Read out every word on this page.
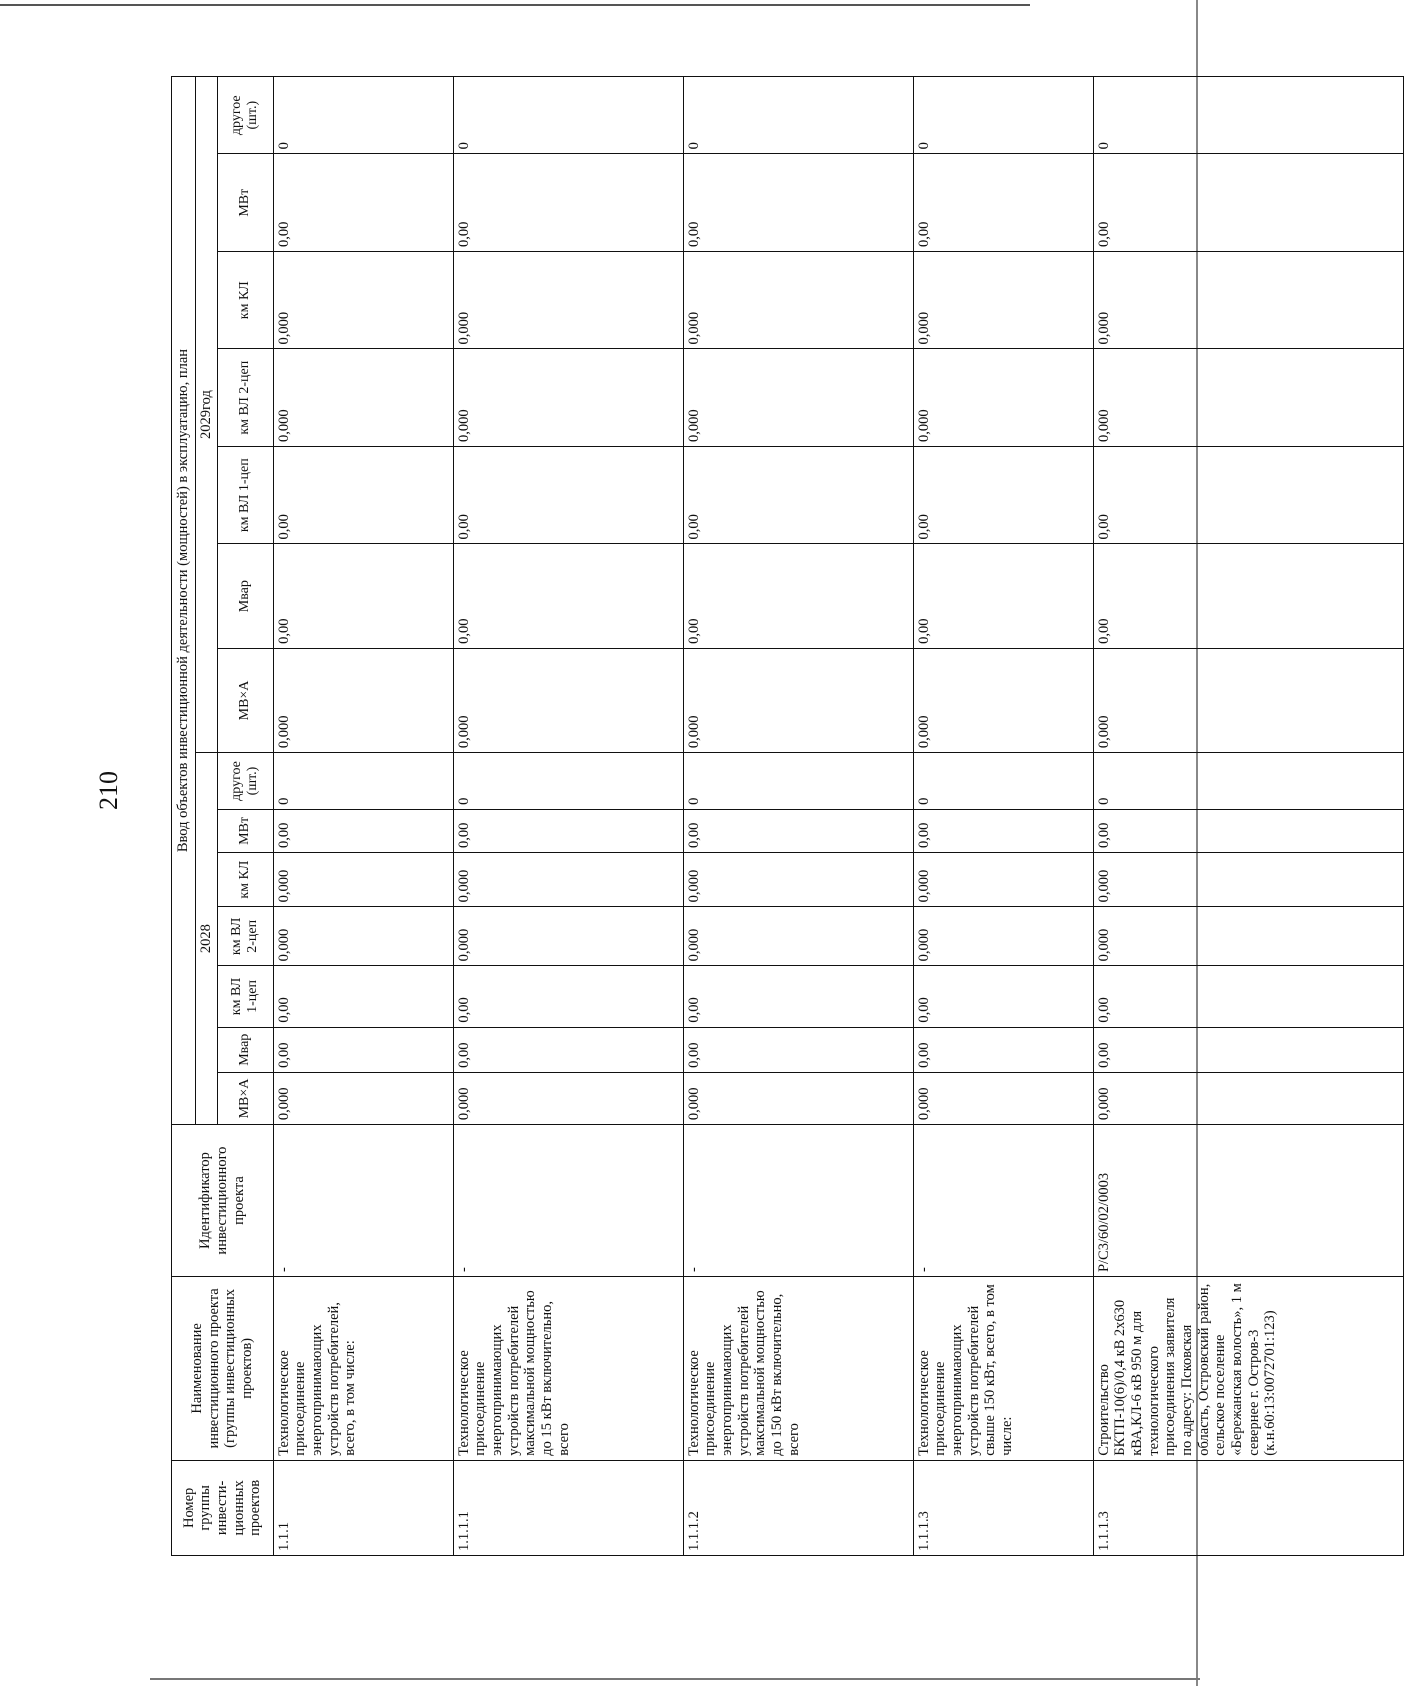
210
Номер группы инвести-ционных проектов	Наименование инвестиционного проекта (группы инвестиционных проектов)	Идентификатор инвестиционного проекта	Ввод объектов инвестиционной деятельности (мощностей) в эксплуатацию, план													
			2028							2029год						
			МВ×А	Мвар	км ВЛ 1-цеп	км ВЛ 2-цеп	км КЛ	МВт	другое (шт.)	МВ×А	Мвар	км ВЛ 1-цеп	км ВЛ 2-цеп	км КЛ	МВт	другое (шт.)
1.1.1	Технологическое присоединение энергопринимающих устройств потребителей, всего, в том числе:	-	0,000	0,00	0,00	0,000	0,000	0,00	0	0,000	0,00	0,00	0,000	0,000	0,00	0
1.1.1.1	Технологическое присоединение энергопринимающих устройств потребителей максимальной мощностью до 15 кВт включительно, всего	-	0,000	0,00	0,00	0,000	0,000	0,00	0	0,000	0,00	0,00	0,000	0,000	0,00	0
1.1.1.2	Технологическое присоединение энергопринимающих устройств потребителей максимальной мощностью до 150 кВт включительно, всего	-	0,000	0,00	0,00	0,000	0,000	0,00	0	0,000	0,00	0,00	0,000	0,000	0,00	0
1.1.1.3	Технологическое присоединение энергопринимающих устройств потребителей свыше 150 кВт, всего, в том числе:	-	0,000	0,00	0,00	0,000	0,000	0,00	0	0,000	0,00	0,00	0,000	0,000	0,00	0
1.1.1.3	Строительство БКТП-10(6)/0,4 кВ 2х630 кВА,КЛ-6 кВ 950 м для технологического присоединения заявителя по адресу: Псковская область, Островский район, сельское поселение «Бережанская волость», 1 м севернее г. Остров-3 (к.н.60:13:0072701:123)	P/C3/60/02/0003	0,000	0,00	0,00	0,000	0,000	0,00	0	0,000	0,00	0,00	0,000	0,000	0,00	0
